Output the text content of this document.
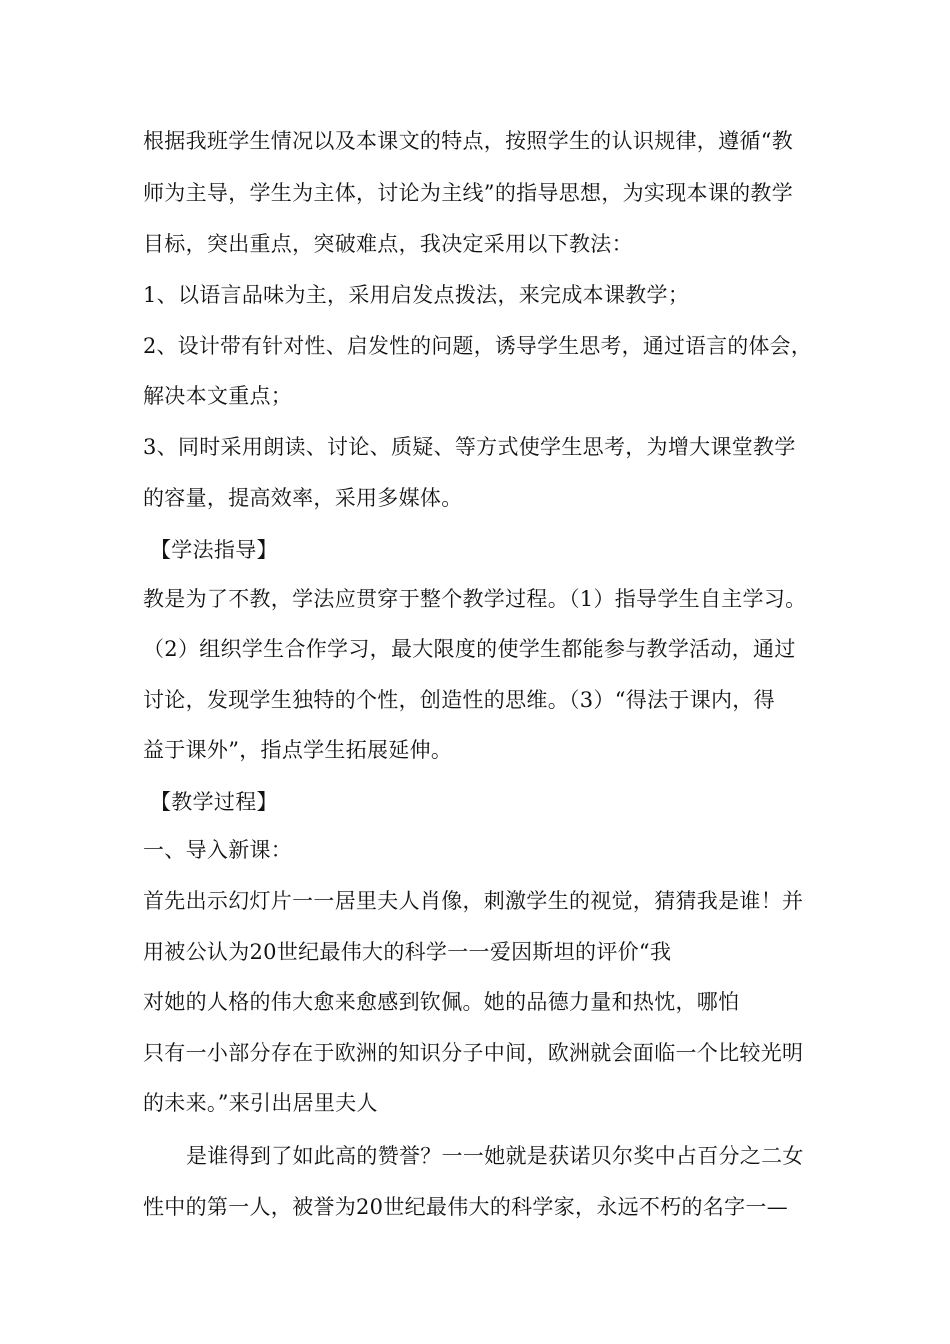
根据我班学生情况以及本课文的特点，按照学生的认识规律，遵循“教

师为主导，学生为主体，讨论为主线”的指导思想，为实现本课的教学

目标，突出重点，突破难点，我决定采用以下教法：

1、以语言品味为主，采用启发点拨法，来完成本课教学；

2、设计带有针对性、启发性的问题，诱导学生思考，通过语言的体会，

解决本文重点；

3、同时采用朗读、讨论、质疑、等方式使学生思考，为增大课堂教学

的容量，提高效率，采用多媒体。

【学法指导】

教是为了不教，学法应贯穿于整个教学过程。（1）指导学生自主学习。

（2）组织学生合作学习，最大限度的使学生都能参与教学活动，通过

讨论，发现学生独特的个性，创造性的思维。（3）“得法于课内，得

益于课外”，指点学生拓展延伸。

【教学过程】

一、导入新课：

首先出示幻灯片一一居里夫人肖像，刺激学生的视觉，猜猜我是谁！并

用被公认为20世纪最伟大的科学一一爱因斯坦的评价“我

对她的人格的伟大愈来愈感到钦佩。她的品德力量和热忱，哪怕

只有一小部分存在于欧洲的知识分子中间，欧洲就会面临一个比较光明

的未来。”来引出居里夫人

是谁得到了如此高的赞誉？一一她就是获诺贝尔奖中占百分之二女

性中的第一人，被誉为20世纪最伟大的科学家，永远不朽的名字一—
